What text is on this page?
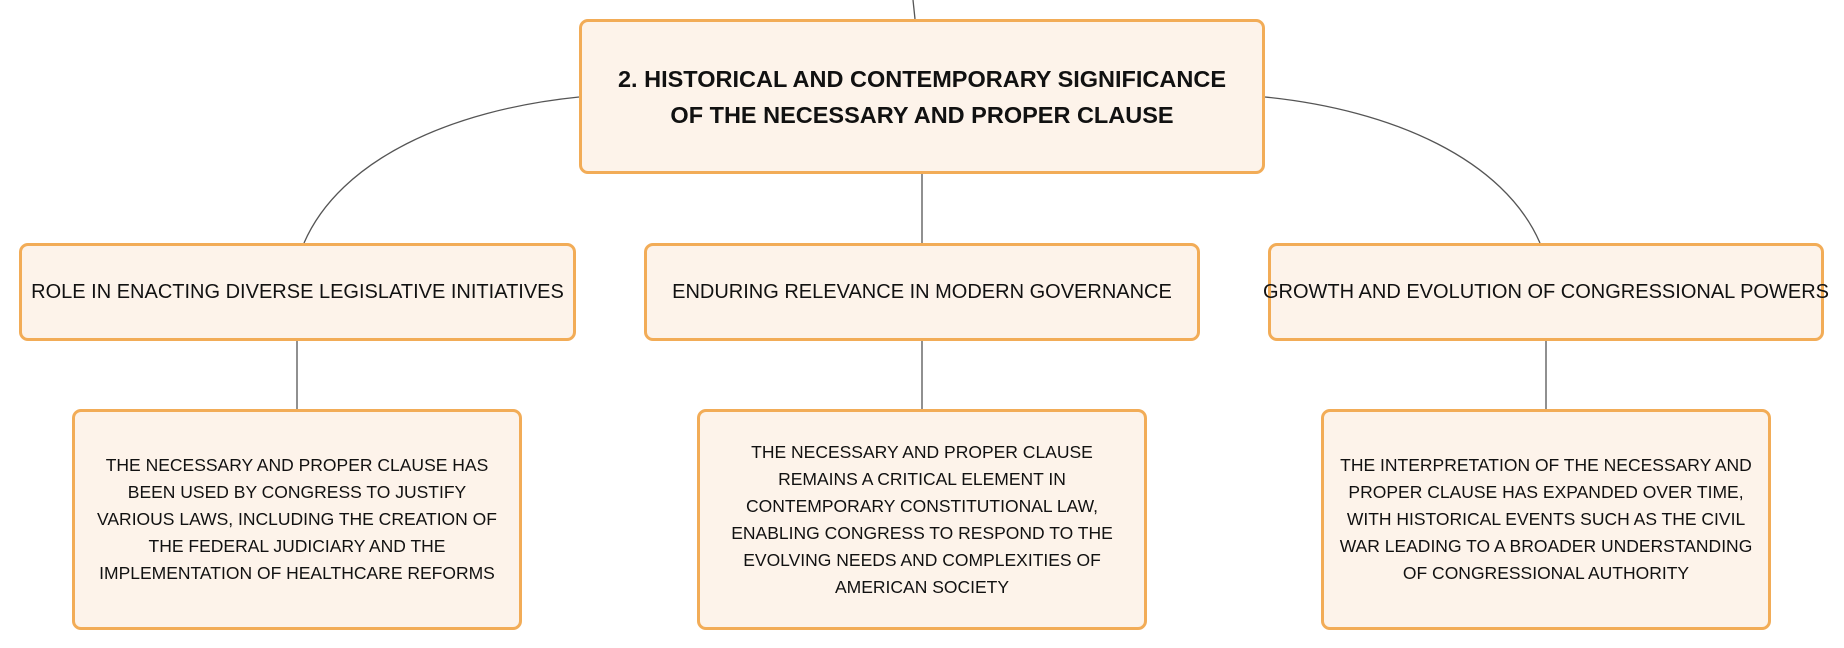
2. HISTORICAL AND CONTEMPORARY SIGNIFICANCE OF THE NECESSARY AND PROPER CLAUSE
ROLE IN ENACTING DIVERSE LEGISLATIVE INITIATIVES	ENDURING RELEVANCE IN MODERN GOVERNANCE	GROWTH AND EVOLUTION OF CONGRESSIONAL POWERS
THE NECESSARY AND PROPER CLAUSE HAS BEEN USED BY CONGRESS TO JUSTIFY VARIOUS LAWS, INCLUDING THE CREATION OF THE FEDERAL JUDICIARY AND THE IMPLEMENTATION OF HEALTHCARE REFORMS
THE NECESSARY AND PROPER CLAUSE REMAINS A CRITICAL ELEMENT IN CONTEMPORARY CONSTITUTIONAL LAW, ENABLING CONGRESS TO RESPOND TO THE EVOLVING NEEDS AND COMPLEXITIES OF AMERICAN SOCIETY
THE INTERPRETATION OF THE NECESSARY AND PROPER CLAUSE HAS EXPANDED OVER TIME, WITH HISTORICAL EVENTS SUCH AS THE CIVIL WAR LEADING TO A BROADER UNDERSTANDING OF CONGRESSIONAL AUTHORITY
